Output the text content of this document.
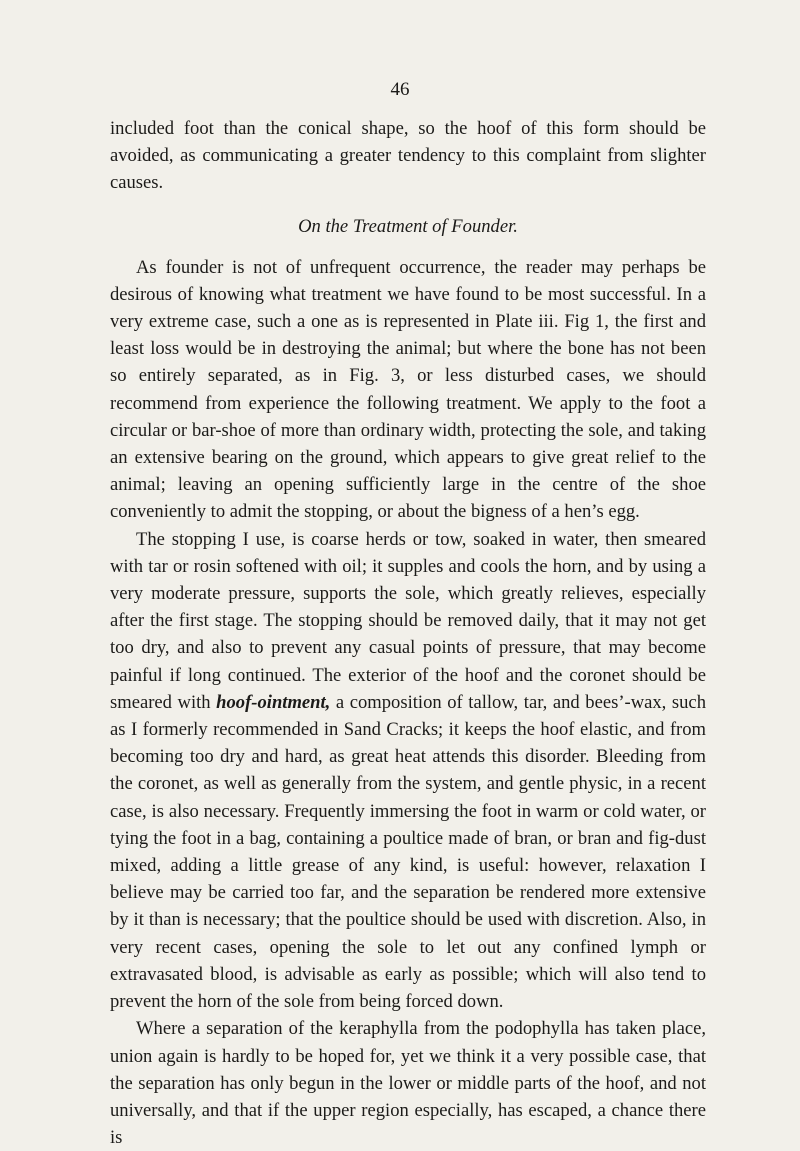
46

included foot than the conical shape, so the hoof of this form should be avoided, as communicating a greater tendency to this complaint from slighter causes.

On the Treatment of Founder.

As founder is not of unfrequent occurrence, the reader may perhaps be desirous of knowing what treatment we have found to be most successful. In a very extreme case, such a one as is represented in Plate iii. Fig 1, the first and least loss would be in destroying the animal; but where the bone has not been so entirely separated, as in Fig. 3, or less disturbed cases, we should recommend from experience the following treatment. We apply to the foot a circular or bar-shoe of more than ordinary width, protecting the sole, and taking an extensive bearing on the ground, which appears to give great relief to the animal; leaving an opening sufficiently large in the centre of the shoe conveniently to admit the stopping, or about the bigness of a hen’s egg.

The stopping I use, is coarse herds or tow, soaked in water, then smeared with tar or rosin softened with oil; it supples and cools the horn, and by using a very moderate pressure, supports the sole, which greatly relieves, especially after the first stage. The stopping should be removed daily, that it may not get too dry, and also to prevent any casual points of pressure, that may become painful if long continued. The exterior of the hoof and the coronet should be smeared with hoof-ointment, a composition of tallow, tar, and bees’-wax, such as I formerly recommended in Sand Cracks; it keeps the hoof elastic, and from becoming too dry and hard, as great heat attends this disorder. Bleeding from the coronet, as well as generally from the system, and gentle physic, in a recent case, is also necessary. Frequently immersing the foot in warm or cold water, or tying the foot in a bag, containing a poultice made of bran, or bran and fig-dust mixed, adding a little grease of any kind, is useful: however, relaxation I believe may be carried too far, and the separation be rendered more extensive by it than is necessary; that the poultice should be used with discretion. Also, in very recent cases, opening the sole to let out any confined lymph or extravasated blood, is advisable as early as possible; which will also tend to prevent the horn of the sole from being forced down.

Where a separation of the keraphylla from the podophylla has taken place, union again is hardly to be hoped for, yet we think it a very possible case, that the separation has only begun in the lower or middle parts of the hoof, and not universally, and that if the upper region especially, has escaped, a chance there is
